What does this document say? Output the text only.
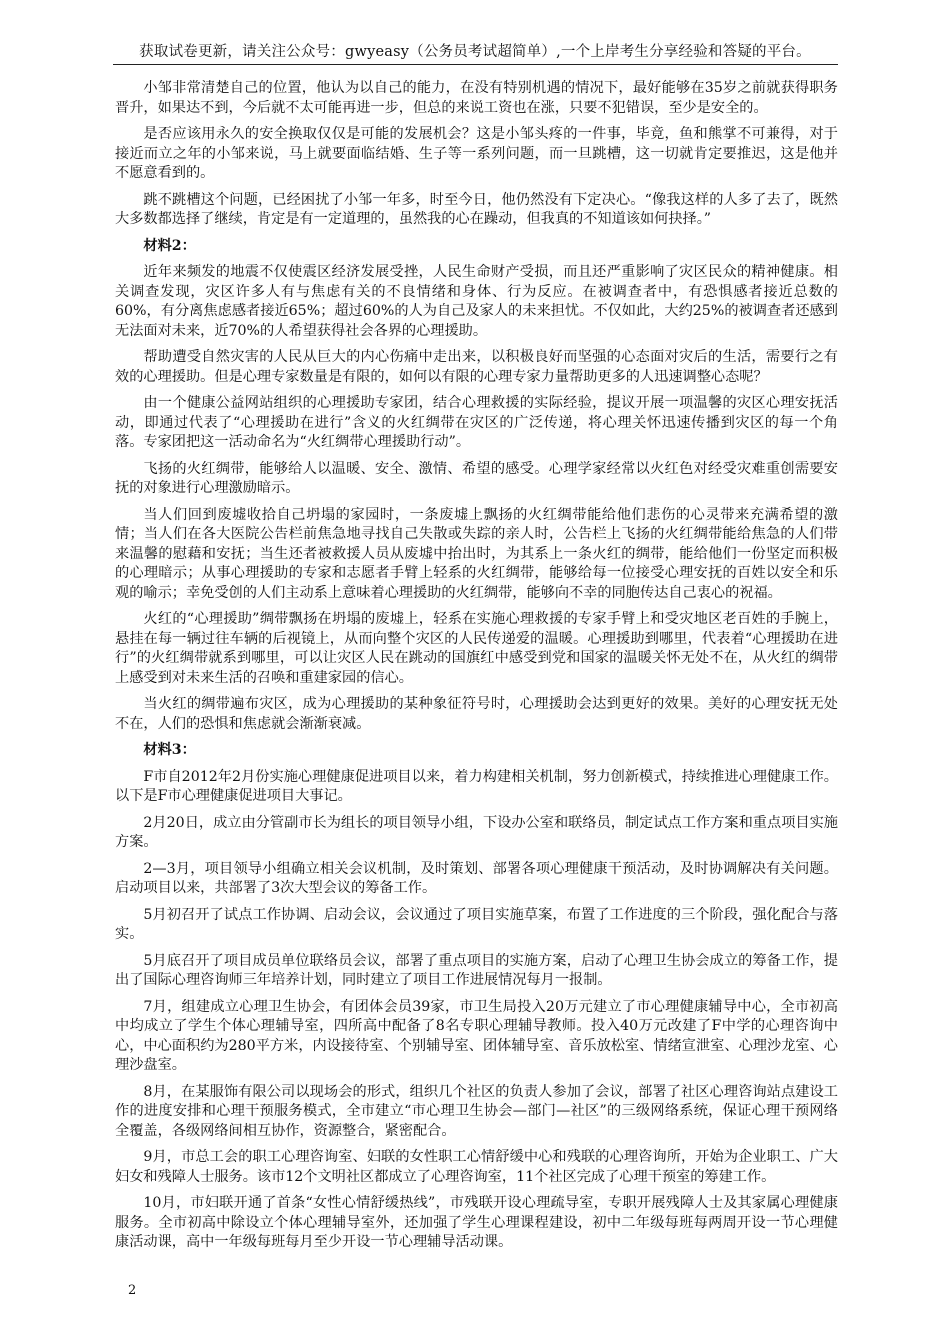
获取试卷更新，请关注公众号：gwyeasy（公务员考试超简单）,一个上岸考生分享经验和答疑的平台。

小邹非常清楚自己的位置，他认为以自己的能力，在没有特别机遇的情况下，最好能够在35岁之前就获得职务晋升，如果达不到，今后就不太可能再进一步，但总的来说工资也在涨，只要不犯错误，至少是安全的。

是否应该用永久的安全换取仅仅是可能的发展机会？这是小邹头疼的一件事，毕竟，鱼和熊掌不可兼得，对于接近而立之年的小邹来说，马上就要面临结婚、生子等一系列问题，而一旦跳槽，这一切就肯定要推迟，这是他并不愿意看到的。

跳不跳槽这个问题，已经困扰了小邹一年多，时至今日，他仍然没有下定决心。“像我这样的人多了去了，既然大多数都选择了继续，肯定是有一定道理的，虽然我的心在躁动，但我真的不知道该如何抉择。”

材料2：

近年来频发的地震不仅使震区经济发展受挫，人民生命财产受损，而且还严重影响了灾区民众的精神健康。相关调查发现，灾区许多人有与焦虑有关的不良情绪和身体、行为反应。在被调查者中，有恐惧感者接近总数的60%，有分离焦虑感者接近65%；超过60%的人为自己及家人的未来担忧。不仅如此，大约25%的被调查者还感到无法面对未来，近70%的人希望获得社会各界的心理援助。

帮助遭受自然灾害的人民从巨大的内心伤痛中走出来，以积极良好而坚强的心态面对灾后的生活，需要行之有效的心理援助。但是心理专家数量是有限的，如何以有限的心理专家力量帮助更多的人迅速调整心态呢？

由一个健康公益网站组织的心理援助专家团，结合心理救援的实际经验，提议开展一项温馨的灾区心理安抚活动，即通过代表了“心理援助在进行”含义的火红绸带在灾区的广泛传递，将心理关怀迅速传播到灾区的每一个角落。专家团把这一活动命名为“火红绸带心理援助行动”。

飞扬的火红绸带，能够给人以温暖、安全、激情、希望的感受。心理学家经常以火红色对经受灾难重创需要安抚的对象进行心理激励暗示。

当人们回到废墟收拾自己坍塌的家园时，一条废墟上飘扬的火红绸带能给他们悲伤的心灵带来充满希望的激情；当人们在各大医院公告栏前焦急地寻找自己失散或失踪的亲人时，公告栏上飞扬的火红绸带能给焦急的人们带来温馨的慰藉和安抚；当生还者被救援人员从废墟中抬出时，为其系上一条火红的绸带，能给他们一份坚定而积极的心理暗示；从事心理援助的专家和志愿者手臂上轻系的火红绸带，能够给每一位接受心理安抚的百姓以安全和乐观的喻示；幸免受创的人们主动系上意味着心理援助的火红绸带，能够向不幸的同胞传达自己衷心的祝福。

火红的“心理援助”绸带飘扬在坍塌的废墟上，轻系在实施心理救援的专家手臂上和受灾地区老百姓的手腕上，悬挂在每一辆过往车辆的后视镜上，从而向整个灾区的人民传递爱的温暖。心理援助到哪里，代表着“心理援助在进行”的火红绸带就系到哪里，可以让灾区人民在跳动的国旗红中感受到党和国家的温暖关怀无处不在，从火红的绸带上感受到对未来生活的召唤和重建家园的信心。

当火红的绸带遍布灾区，成为心理援助的某种象征符号时，心理援助会达到更好的效果。美好的心理安抚无处不在，人们的恐惧和焦虑就会渐渐衰减。

材料3：

F市自2012年2月份实施心理健康促进项目以来，着力构建相关机制，努力创新模式，持续推进心理健康工作。以下是F市心理健康促进项目大事记。

2月20日，成立由分管副市长为组长的项目领导小组，下设办公室和联络员，制定试点工作方案和重点项目实施方案。

2—3月，项目领导小组确立相关会议机制，及时策划、部署各项心理健康干预活动，及时协调解决有关问题。启动项目以来，共部署了3次大型会议的筹备工作。

5月初召开了试点工作协调、启动会议，会议通过了项目实施草案，布置了工作进度的三个阶段，强化配合与落实。

5月底召开了项目成员单位联络员会议，部署了重点项目的实施方案，启动了心理卫生协会成立的筹备工作，提出了国际心理咨询师三年培养计划，同时建立了项目工作进展情况每月一报制。

7月，组建成立心理卫生协会，有团体会员39家，市卫生局投入20万元建立了市心理健康辅导中心，全市初高中均成立了学生个体心理辅导室，四所高中配备了8名专职心理辅导教师。投入40万元改建了F中学的心理咨询中心，中心面积约为280平方米，内设接待室、个别辅导室、团体辅导室、音乐放松室、情绪宣泄室、心理沙龙室、心理沙盘室。

8月，在某服饰有限公司以现场会的形式，组织几个社区的负责人参加了会议，部署了社区心理咨询站点建设工作的进度安排和心理干预服务模式，全市建立“市心理卫生协会—部门—社区”的三级网络系统，保证心理干预网络全覆盖，各级网络间相互协作，资源整合，紧密配合。

9月，市总工会的职工心理咨询室、妇联的女性职工心情舒缓中心和残联的心理咨询所，开始为企业职工、广大妇女和残障人士服务。该市12个文明社区都成立了心理咨询室，11个社区完成了心理干预室的筹建工作。

10月，市妇联开通了首条“女性心情舒缓热线”，市残联开设心理疏导室，专职开展残障人士及其家属心理健康服务。全市初高中除设立个体心理辅导室外，还加强了学生心理课程建设，初中二年级每班每两周开设一节心理健康活动课，高中一年级每班每月至少开设一节心理辅导活动课。

2
